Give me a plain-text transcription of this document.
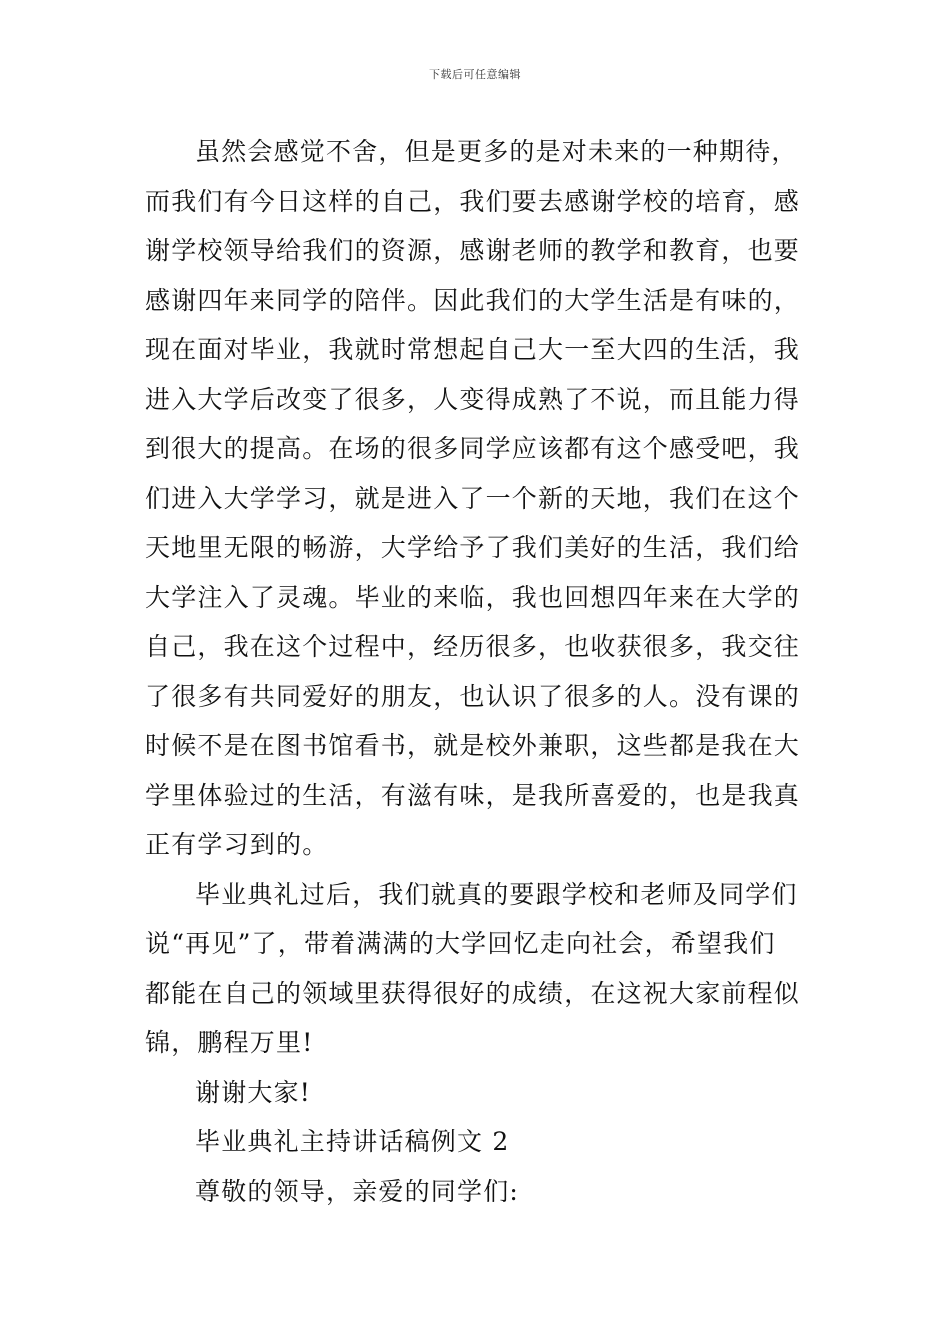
下载后可任意编辑
虽然会感觉不舍，但是更多的是对未来的一种期待，
而我们有今日这样的自己，我们要去感谢学校的培育，感
谢学校领导给我们的资源，感谢老师的教学和教育，也要
感谢四年来同学的陪伴。因此我们的大学生活是有味的，
现在面对毕业，我就时常想起自己大一至大四的生活，我
进入大学后改变了很多，人变得成熟了不说，而且能力得
到很大的提高。在场的很多同学应该都有这个感受吧，我
们进入大学学习，就是进入了一个新的天地，我们在这个
天地里无限的畅游，大学给予了我们美好的生活，我们给
大学注入了灵魂。毕业的来临，我也回想四年来在大学的
自己，我在这个过程中，经历很多，也收获很多，我交往
了很多有共同爱好的朋友，也认识了很多的人。没有课的
时候不是在图书馆看书，就是校外兼职，这些都是我在大
学里体验过的生活，有滋有味，是我所喜爱的，也是我真
正有学习到的。
毕业典礼过后，我们就真的要跟学校和老师及同学们
说“再见”了，带着满满的大学回忆走向社会，希望我们
都能在自己的领域里获得很好的成绩，在这祝大家前程似
锦，鹏程万里!
谢谢大家!
毕业典礼主持讲话稿例文 2
尊敬的领导，亲爱的同学们:
